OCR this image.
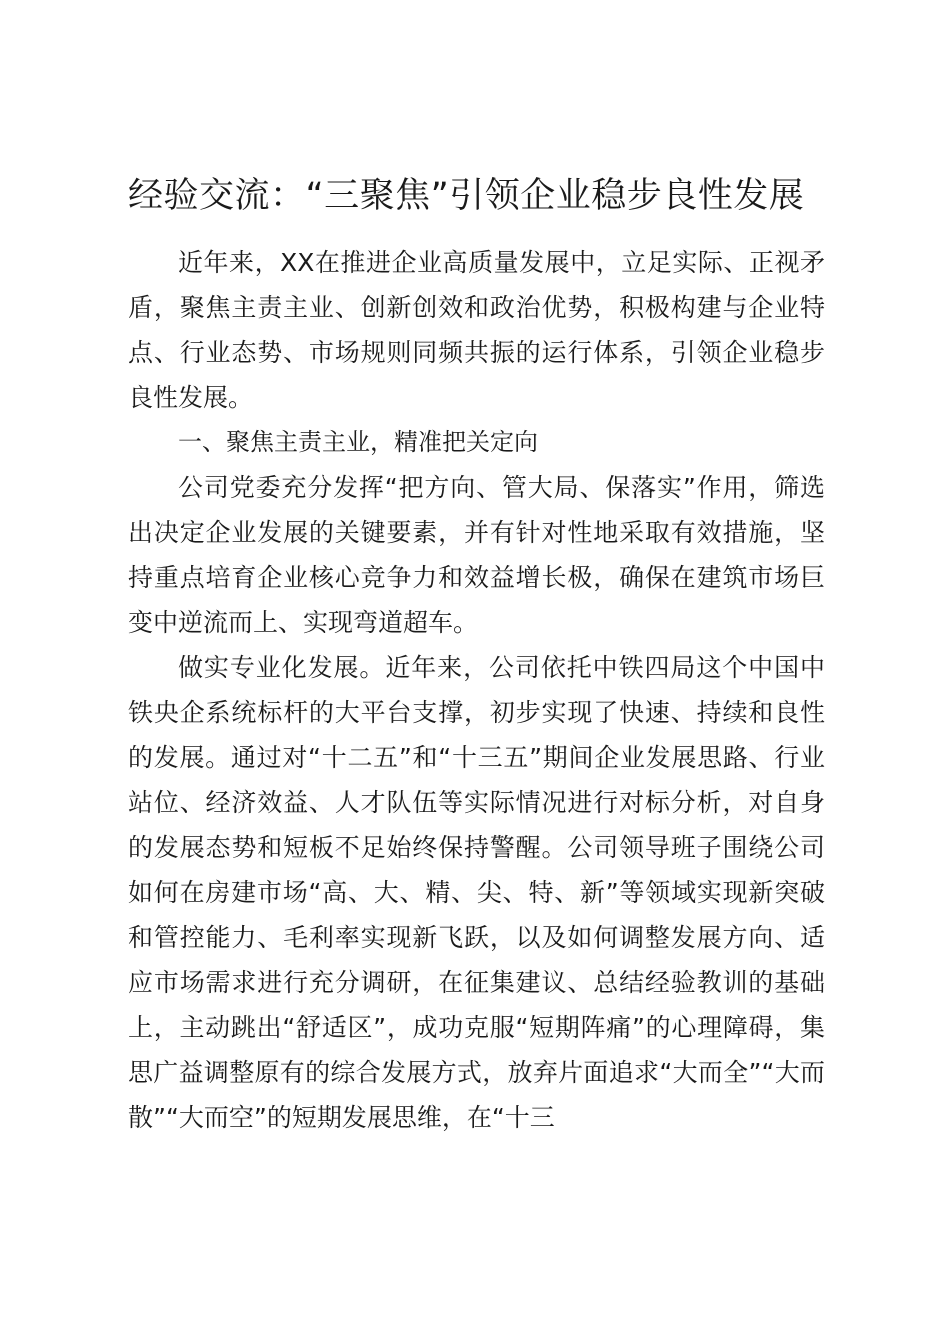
经验交流：“三聚焦”引领企业稳步良性发展

近年来，XX在推进企业高质量发展中，立足实际、正视矛盾，聚焦主责主业、创新创效和政治优势，积极构建与企业特点、行业态势、市场规则同频共振的运行体系，引领企业稳步良性发展。

一、聚焦主责主业，精准把关定向

公司党委充分发挥“把方向、管大局、保落实”作用，筛选出决定企业发展的关键要素，并有针对性地采取有效措施，坚持重点培育企业核心竞争力和效益增长极，确保在建筑市场巨变中逆流而上、实现弯道超车。

做实专业化发展。近年来，公司依托中铁四局这个中国中铁央企系统标杆的大平台支撑，初步实现了快速、持续和良性的发展。通过对“十二五”和“十三五”期间企业发展思路、行业站位、经济效益、人才队伍等实际情况进行对标分析，对自身的发展态势和短板不足始终保持警醒。公司领导班子围绕公司如何在房建市场“高、大、精、尖、特、新”等领域实现新突破和管控能力、毛利率实现新飞跃，以及如何调整发展方向、适应市场需求进行充分调研，在征集建议、总结经验教训的基础上，主动跳出“舒适区”，成功克服“短期阵痛”的心理障碍，集思广益调整原有的综合发展方式，放弃片面追求“大而全”“大而散”“大而空”的短期发展思维，在“十三
